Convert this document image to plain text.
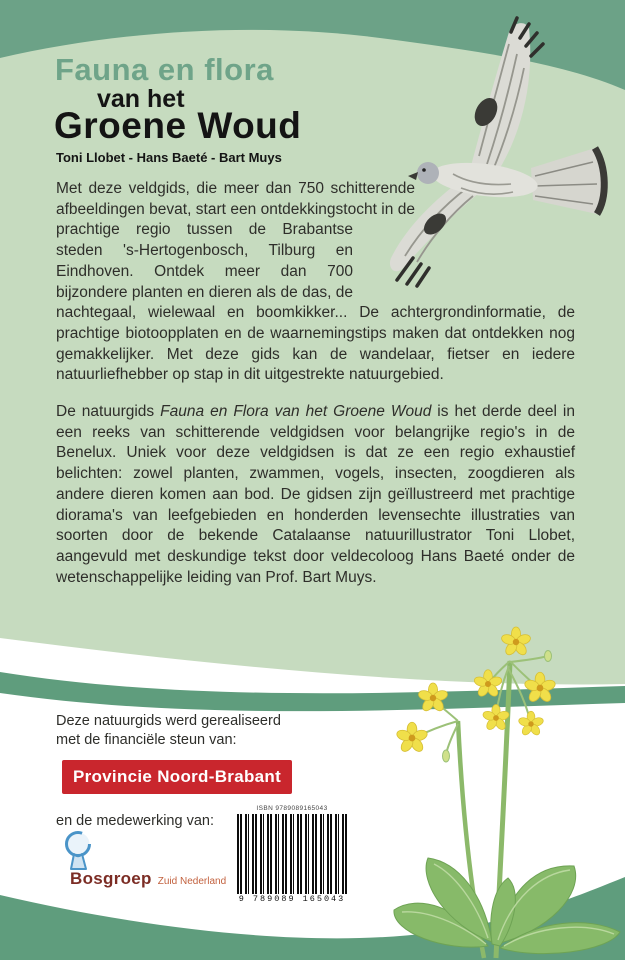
Fauna en flora
van het
Groene Woud
Toni Llobet - Hans Baeté - Bart Muys
Met deze veldgids, die meer dan 750 schitterende afbeeldingen bevat, start een ontdekkingstocht in de prachtige regio tussen de Brabantse steden 's-Hertogenbosch, Tilburg en Eindhoven. Ontdek meer dan 700 bijzondere planten en dieren als de das, de nachtegaal, wielewaal en boomkikker... De achtergrondinformatie, de prachtige biotoopplaten en de waarnemingstips maken dat ontdekken nog gemakkelijker. Met deze gids kan de wandelaar, fietser en iedere natuurliefhebber op stap in dit uitgestrekte natuurgebied.
De natuurgids Fauna en Flora van het Groene Woud is het derde deel in een reeks van schitterende veldgidsen voor belangrijke regio's in de Benelux. Uniek voor deze veldgidsen is dat ze een regio exhaustief belichten: zowel planten, zwammen, vogels, insecten, zoogdieren als andere dieren komen aan bod. De gidsen zijn geïllustreerd met prachtige diorama's van leefgebieden en honderden levensechte illustraties van soorten door de bekende Catalaanse natuurillustrator Toni Llobet, aangevuld met deskundige tekst door veldecoloog Hans Baeté onder de wetenschappelijke leiding van Prof. Bart Muys.
Deze natuurgids werd gerealiseerd
met de financiële steun van:
Provincie Noord-Brabant
en de medewerking van:
Bosgroep Zuid Nederland
ISBN 9789089165043
9 789089 165043
